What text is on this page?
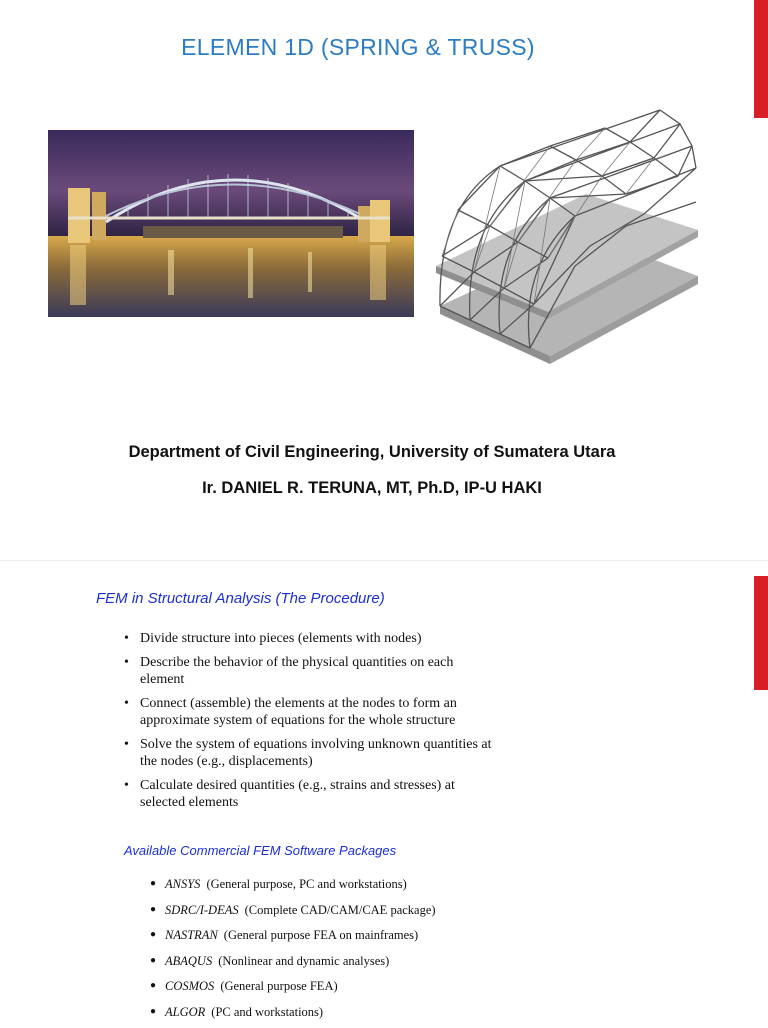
ELEMEN 1D (SPRING & TRUSS)
Department of Civil Engineering, University of Sumatera Utara
Ir. DANIEL R. TERUNA, MT, Ph.D, IP-U HAKI
FEM in Structural Analysis (The Procedure)
• Divide structure into pieces (elements with nodes)
• Describe the behavior of the physical quantities on each element
• Connect (assemble) the elements at the nodes to form an approximate system of equations for the whole structure
• Solve the system of equations involving unknown quantities at the nodes (e.g., displacements)
• Calculate desired quantities (e.g., strains and stresses) at selected elements
Available Commercial FEM Software Packages
● ANSYS (General purpose, PC and workstations)
● SDRC/I-DEAS (Complete CAD/CAM/CAE package)
● NASTRAN (General purpose FEA on mainframes)
● ABAQUS (Nonlinear and dynamic analyses)
● COSMOS (General purpose FEA)
● ALGOR (PC and workstations)
